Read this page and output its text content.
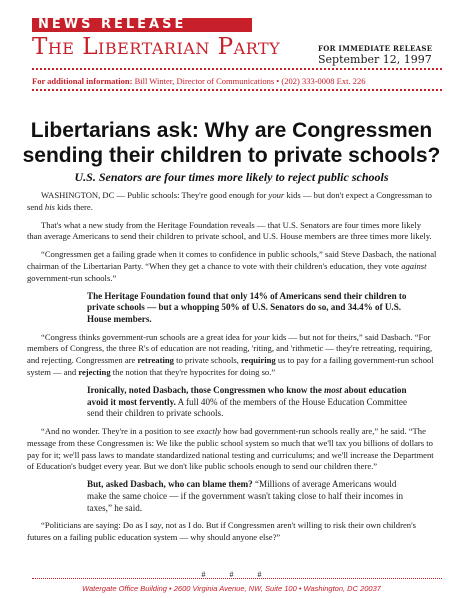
NEWS RELEASE
The Libertarian Party	FOR IMMEDIATE RELEASE
September 12, 1997
For additional information: Bill Winter, Director of Communications • (202) 333-0008 Ext. 226
Libertarians ask: Why are Congressmen
sending their children to private schools?
U.S. Senators are four times more likely to reject public schools

WASHINGTON, DC — Public schools: They're good enough for your kids — but don't expect a Congressman to send his kids there.

That's what a new study from the Heritage Foundation reveals — that U.S. Senators are four times more likely than average Americans to send their children to private school, and U.S. House members are three times more likely.

“Congressmen get a failing grade when it comes to confidence in public schools,” said Steve Dasbach, the national chairman of the Libertarian Party. “When they get a chance to vote with their children's education, they vote against government-run schools.”

The Heritage Foundation found that only 14% of Americans send their children to private schools — but a whopping 50% of U.S. Senators do so, and 34.4% of U.S. House members.

“Congress thinks government-run schools are a great idea for your kids — but not for theirs,” said Dasbach. “For members of Congress, the three R's of education are not reading, 'riting, and 'rithmetic — they're retreating, requiring, and rejecting. Congressmen are retreating to private schools, requiring us to pay for a failing government-run school system — and rejecting the notion that they're hypocrites for doing so.”

Ironically, noted Dasbach, those Congressmen who know the most about education avoid it most fervently. A full 40% of the members of the House Education Committee send their children to private schools.

“And no wonder. They're in a position to see exactly how bad government-run schools really are,” he said. “The message from these Congressmen is: We like the public school system so much that we'll tax you billions of dollars to pay for it; we'll pass laws to mandate standardized national testing and curriculums; and we'll increase the Department of Education's budget every year. But we don't like public schools enough to send our children there.”

But, asked Dasbach, who can blame them? “Millions of average Americans would make the same choice — if the government wasn't taking close to half their incomes in taxes,” he said.

“Politicians are saying: Do as I say, not as I do. But if Congressmen aren't willing to risk their own children's futures on a failing public education system — why should anyone else?”

# # #
Watergate Office Building • 2600 Virginia Avenue, NW, Suite 100 • Washington, DC 20037
